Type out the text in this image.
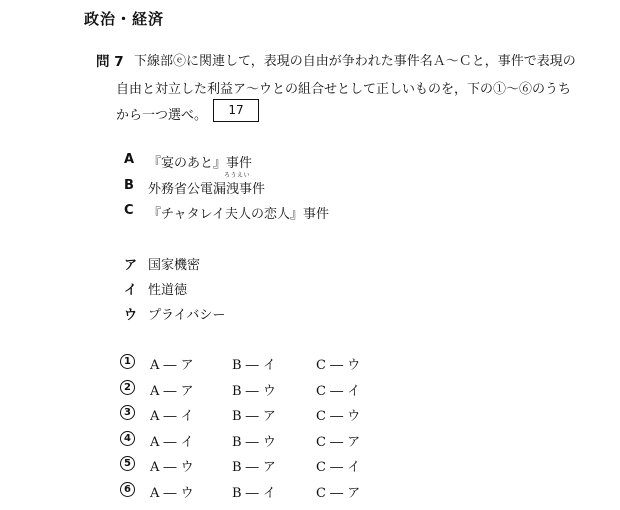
政治・経済
問 7 下線部ⓔに関連して，表現の自由が争われた事件名Ａ～Ｃと，事件で表現の
自由と対立した利益ア～ウとの組合せとして正しいものを，下の①～⑥のうち
から一つ選べ。	17
A 『宴のあと』事件
B
ろうえい
外務省公電漏洩事件
C 『チャタレイ夫人の恋人』事件
ア 国家機密
イ 性道徳
ウ プライバシー
1	A ― ア	B ― イ	C ― ウ
2	A ― ア	B ― ウ	C ― イ
3	A ― イ	B ― ア	C ― ウ
4	A ― イ	B ― ウ	C ― ア
5	A ― ウ	B ― ア	C ― イ
6	A ― ウ	B ― イ	C ― ア
